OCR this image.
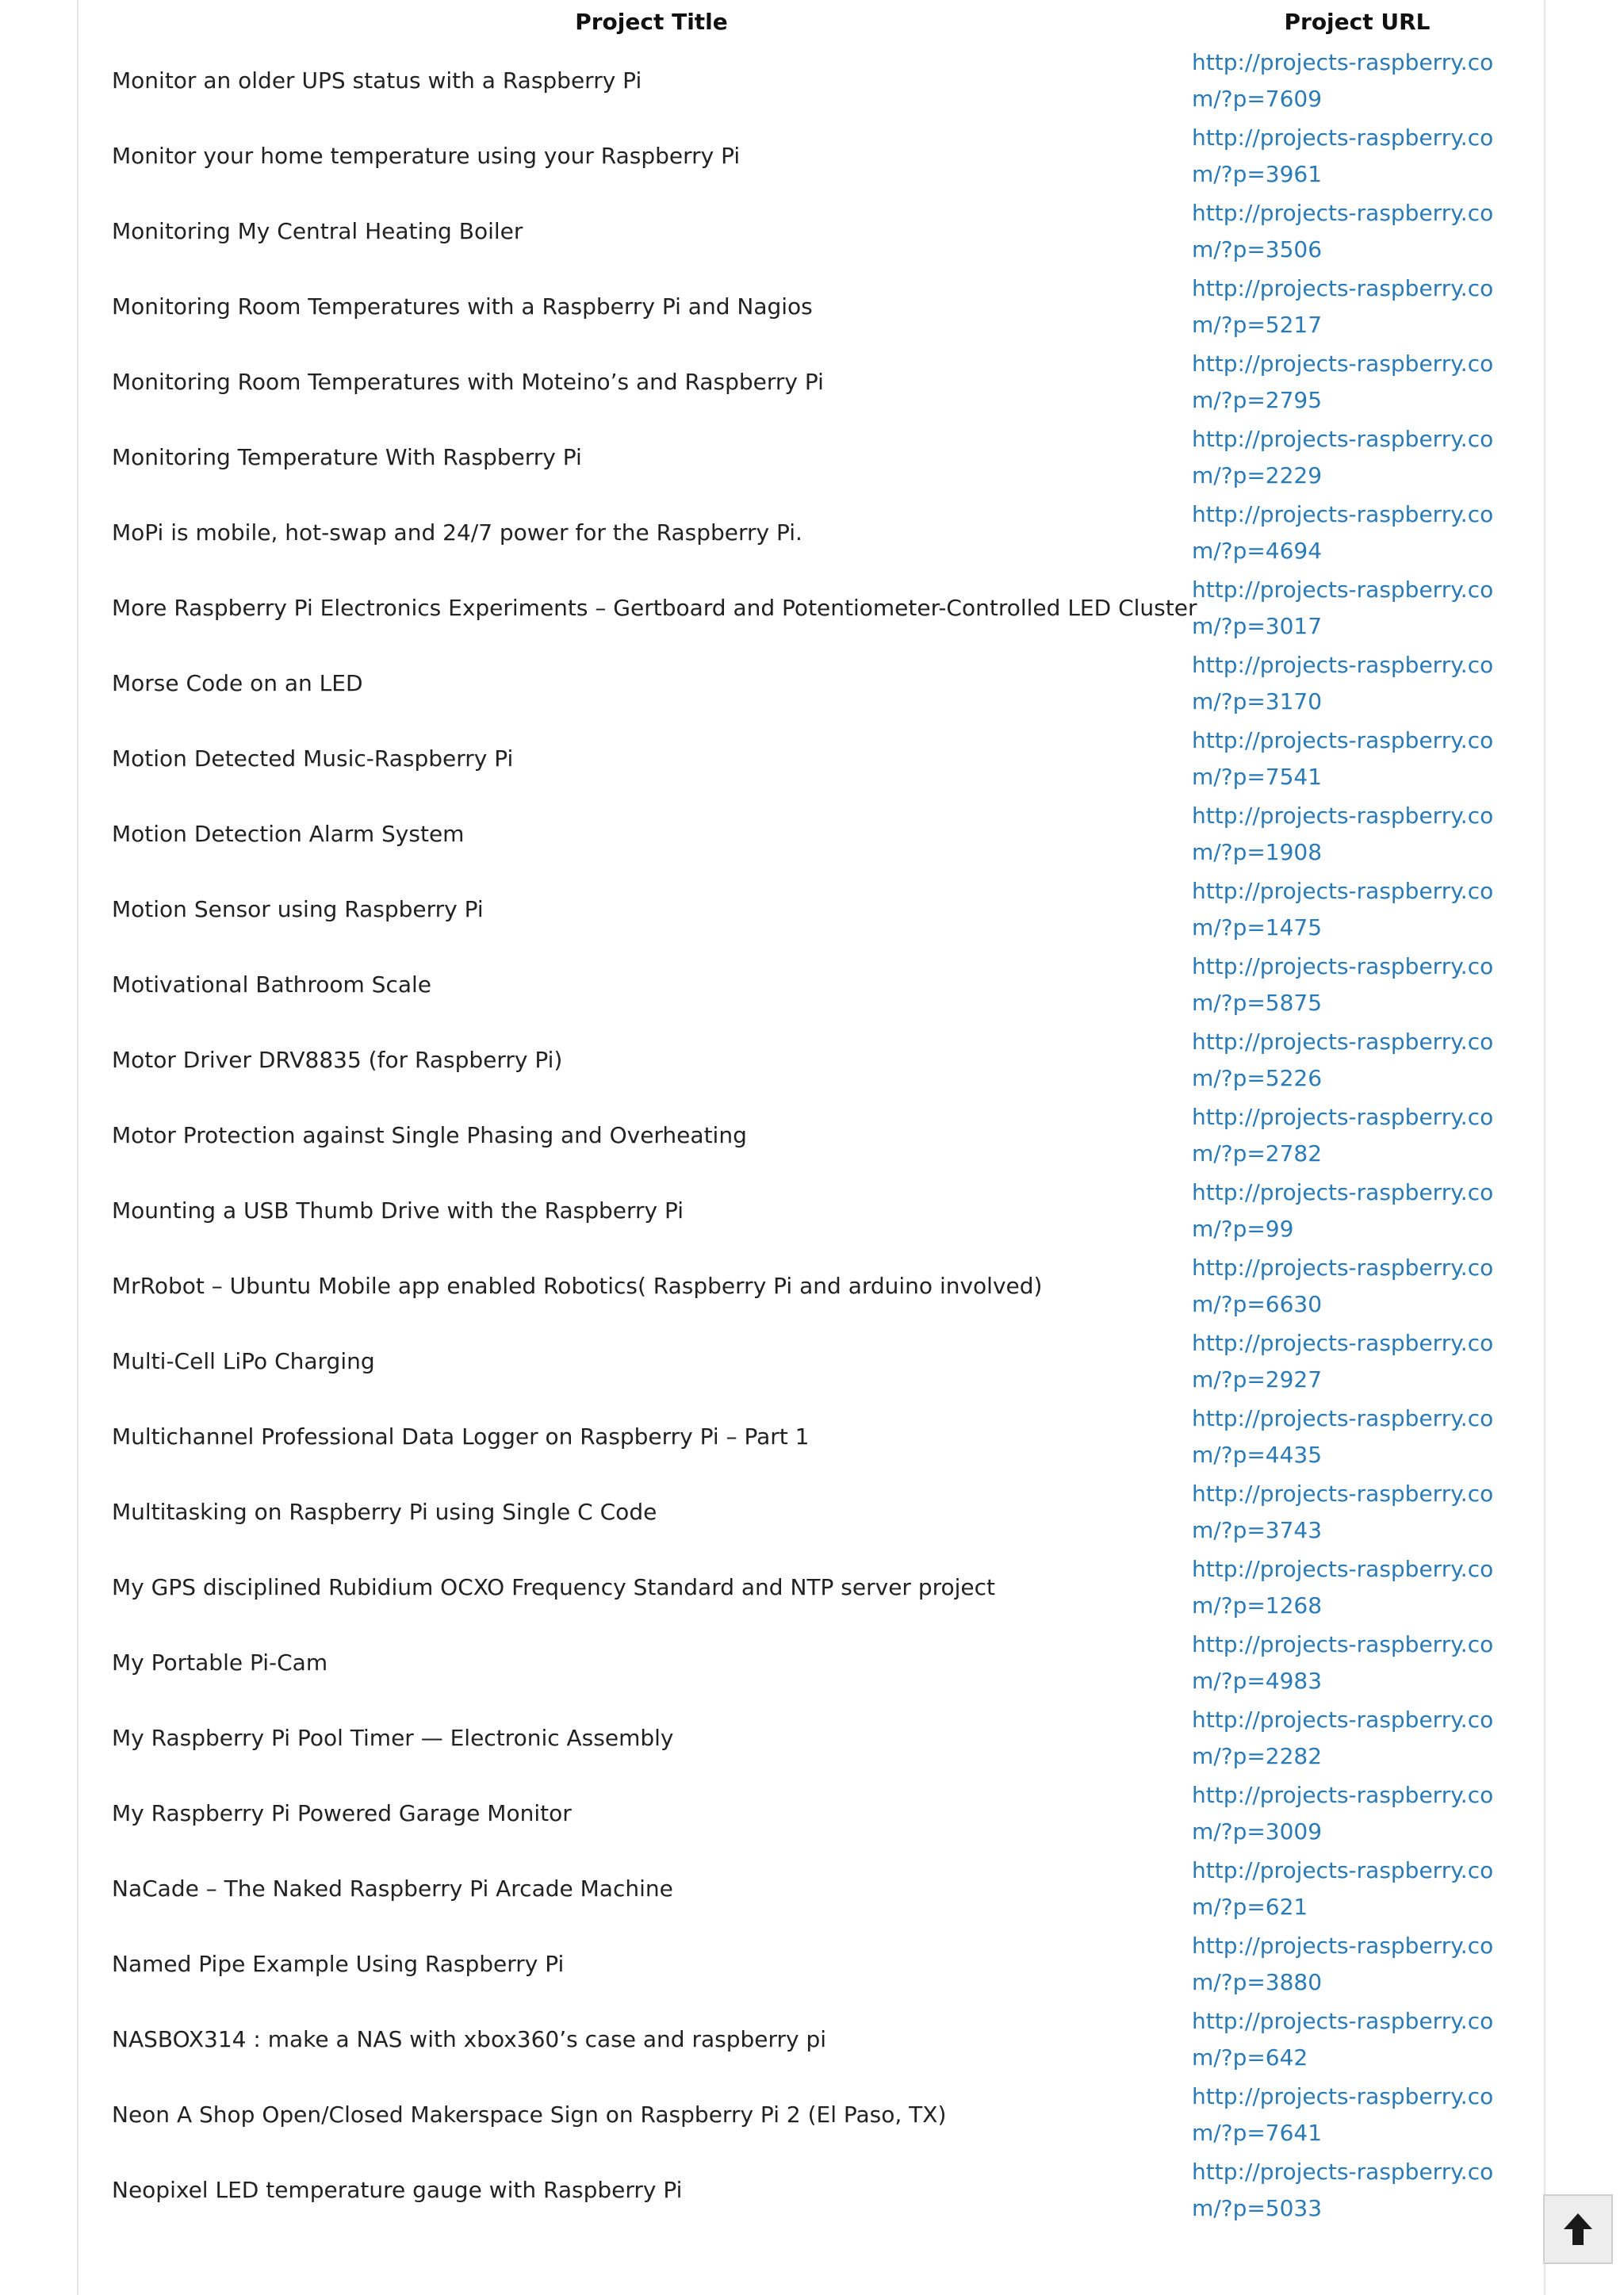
Project Title	Project URL
Monitor an older UPS status with a Raspberry Pi	http://projects-raspberry.com/?p=7609

Monitor your home temperature using your Raspberry Pi	http://projects-raspberry.com/?p=3961

Monitoring My Central Heating Boiler	http://projects-raspberry.com/?p=3506

Monitoring Room Temperatures with a Raspberry Pi and Nagios	http://projects-raspberry.com/?p=5217

Monitoring Room Temperatures with Moteino’s and Raspberry Pi	http://projects-raspberry.com/?p=2795

Monitoring Temperature With Raspberry Pi	http://projects-raspberry.com/?p=2229

MoPi is mobile, hot-swap and 24/7 power for the Raspberry Pi.	http://projects-raspberry.com/?p=4694

More Raspberry Pi Electronics Experiments – Gertboard and Potentiometer-Controlled LED Cluster	http://projects-raspberry.com/?p=3017

Morse Code on an LED	http://projects-raspberry.com/?p=3170

Motion Detected Music-Raspberry Pi	http://projects-raspberry.com/?p=7541

Motion Detection Alarm System	http://projects-raspberry.com/?p=1908

Motion Sensor using Raspberry Pi	http://projects-raspberry.com/?p=1475

Motivational Bathroom Scale	http://projects-raspberry.com/?p=5875

Motor Driver DRV8835 (for Raspberry Pi)	http://projects-raspberry.com/?p=5226

Motor Protection against Single Phasing and Overheating	http://projects-raspberry.com/?p=2782

Mounting a USB Thumb Drive with the Raspberry Pi	http://projects-raspberry.com/?p=99

MrRobot – Ubuntu Mobile app enabled Robotics( Raspberry Pi and arduino involved)	http://projects-raspberry.com/?p=6630

Multi-Cell LiPo Charging	http://projects-raspberry.com/?p=2927

Multichannel Professional Data Logger on Raspberry Pi – Part 1	http://projects-raspberry.com/?p=4435

Multitasking on Raspberry Pi using Single C Code	http://projects-raspberry.com/?p=3743

My GPS disciplined Rubidium OCXO Frequency Standard and NTP server project	http://projects-raspberry.com/?p=1268

My Portable Pi-Cam	http://projects-raspberry.com/?p=4983

My Raspberry Pi Pool Timer — Electronic Assembly	http://projects-raspberry.com/?p=2282

My Raspberry Pi Powered Garage Monitor	http://projects-raspberry.com/?p=3009

NaCade – The Naked Raspberry Pi Arcade Machine	http://projects-raspberry.com/?p=621

Named Pipe Example Using Raspberry Pi	http://projects-raspberry.com/?p=3880

NASBOX314 : make a NAS with xbox360’s case and raspberry pi	http://projects-raspberry.com/?p=642

Neon A Shop Open/Closed Makerspace Sign on Raspberry Pi 2 (El Paso, TX)	http://projects-raspberry.com/?p=7641

Neopixel LED temperature gauge with Raspberry Pi	http://projects-raspberry.com/?p=5033
